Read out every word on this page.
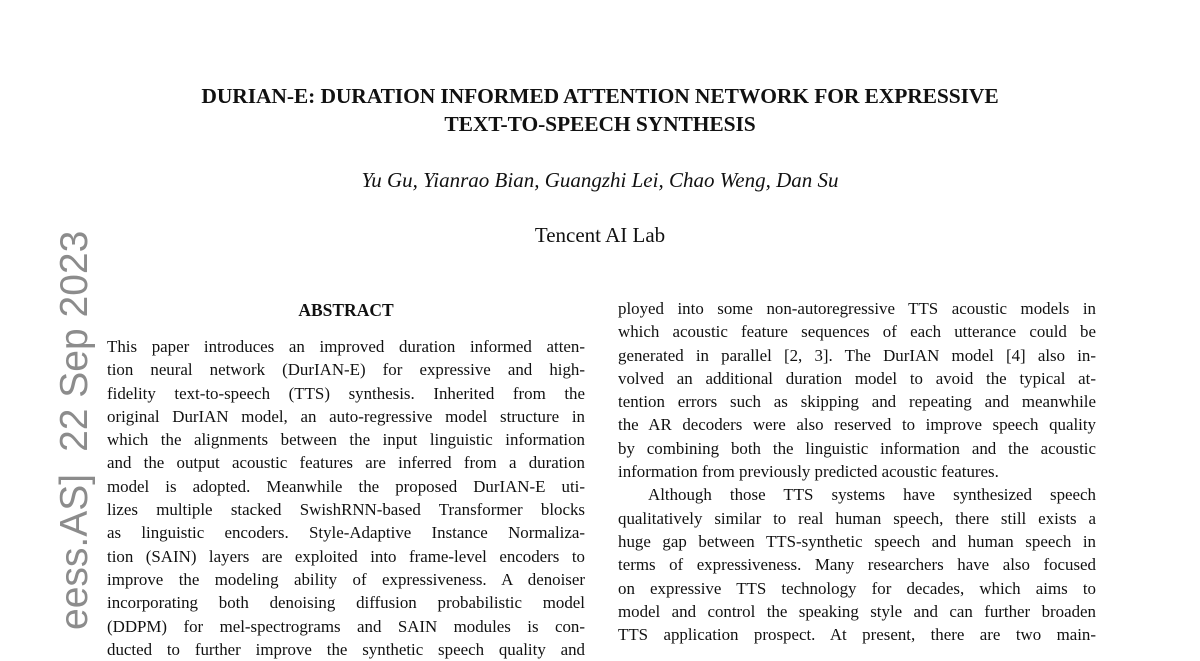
DURIAN-E: DURATION INFORMED ATTENTION NETWORK FOR EXPRESSIVE
TEXT-TO-SPEECH SYNTHESIS
Yu Gu, Yianrao Bian, Guangzhi Lei, Chao Weng, Dan Su
Tencent AI Lab
eess.AS]22 Sep 2023	ABSTRACT
This paper introduces an improved duration informed atten-
tion neural network (DurIAN-E) for expressive and high-
fidelity text-to-speech (TTS) synthesis. Inherited from the
original DurIAN model, an auto-regressive model structure in
which the alignments between the input linguistic information
and the output acoustic features are inferred from a duration
model is adopted. Meanwhile the proposed DurIAN-E uti-
lizes multiple stacked SwishRNN-based Transformer blocks
as linguistic encoders. Style-Adaptive Instance Normaliza-
tion (SAIN) layers are exploited into frame-level encoders to
improve the modeling ability of expressiveness. A denoiser
incorporating both denoising diffusion probabilistic model
(DDPM) for mel-spectrograms and SAIN modules is con-
ducted to further improve the synthetic speech quality and
ployed into some non-autoregressive TTS acoustic models in
which acoustic feature sequences of each utterance could be
generated in parallel [2, 3]. The DurIAN model [4] also in-
volved an additional duration model to avoid the typical at-
tention errors such as skipping and repeating and meanwhile
the AR decoders were also reserved to improve speech quality
by combining both the linguistic information and the acoustic
information from previously predicted acoustic features.
Although those TTS systems have synthesized speech
qualitatively similar to real human speech, there still exists a
huge gap between TTS-synthetic speech and human speech in
terms of expressiveness. Many researchers have also focused
on expressive TTS technology for decades, which aims to
model and control the speaking style and can further broaden
TTS application prospect. At present, there are two main-
